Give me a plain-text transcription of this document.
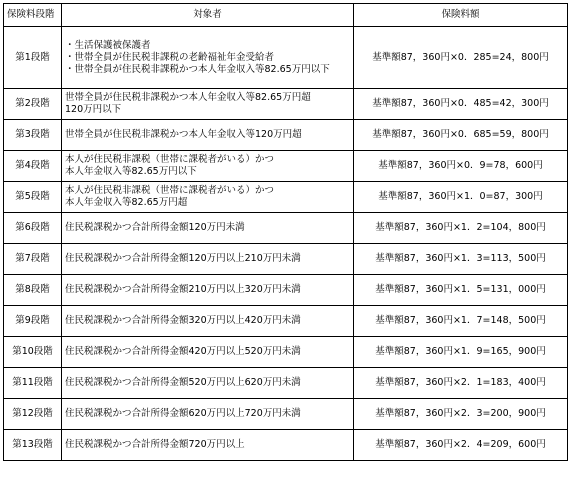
保険料段階	対象者	保険料額
第1段階	・生活保護被保護者
・世帯全員が住民税非課税の老齢福祉年金受給者
・世帯全員が住民税非課税かつ本人年金収入等82.65万円以下	基準額87，360円×0．285=24，800円
第2段階	世帯全員が住民税非課税かつ本人年金収入等82.65万円超
120万円以下	基準額87，360円×0．485=42，300円
第3段階	世帯全員が住民税非課税かつ本人年金収入等120万円超	基準額87，360円×0．685=59，800円
第4段階	本人が住民税非課税（世帯に課税者がいる）かつ
本人年金収入等82.65万円以下	基準額87，360円×0．9=78，600円
第5段階	本人が住民税非課税（世帯に課税者がいる）かつ
本人年金収入等82.65万円超	基準額87，360円×1．0=87，300円
第6段階	住民税課税かつ合計所得金額120万円未満	基準額87，360円×1．2=104，800円
第7段階	住民税課税かつ合計所得金額120万円以上210万円未満	基準額87，360円×1．3=113，500円
第8段階	住民税課税かつ合計所得金額210万円以上320万円未満	基準額87，360円×1．5=131，000円
第9段階	住民税課税かつ合計所得金額320万円以上420万円未満	基準額87，360円×1．7=148，500円
第10段階	住民税課税かつ合計所得金額420万円以上520万円未満	基準額87，360円×1．9=165，900円
第11段階	住民税課税かつ合計所得金額520万円以上620万円未満	基準額87，360円×2．1=183，400円
第12段階	住民税課税かつ合計所得金額620万円以上720万円未満	基準額87，360円×2．3=200，900円
第13段階	住民税課税かつ合計所得金額720万円以上	基準額87，360円×2．4=209，600円
